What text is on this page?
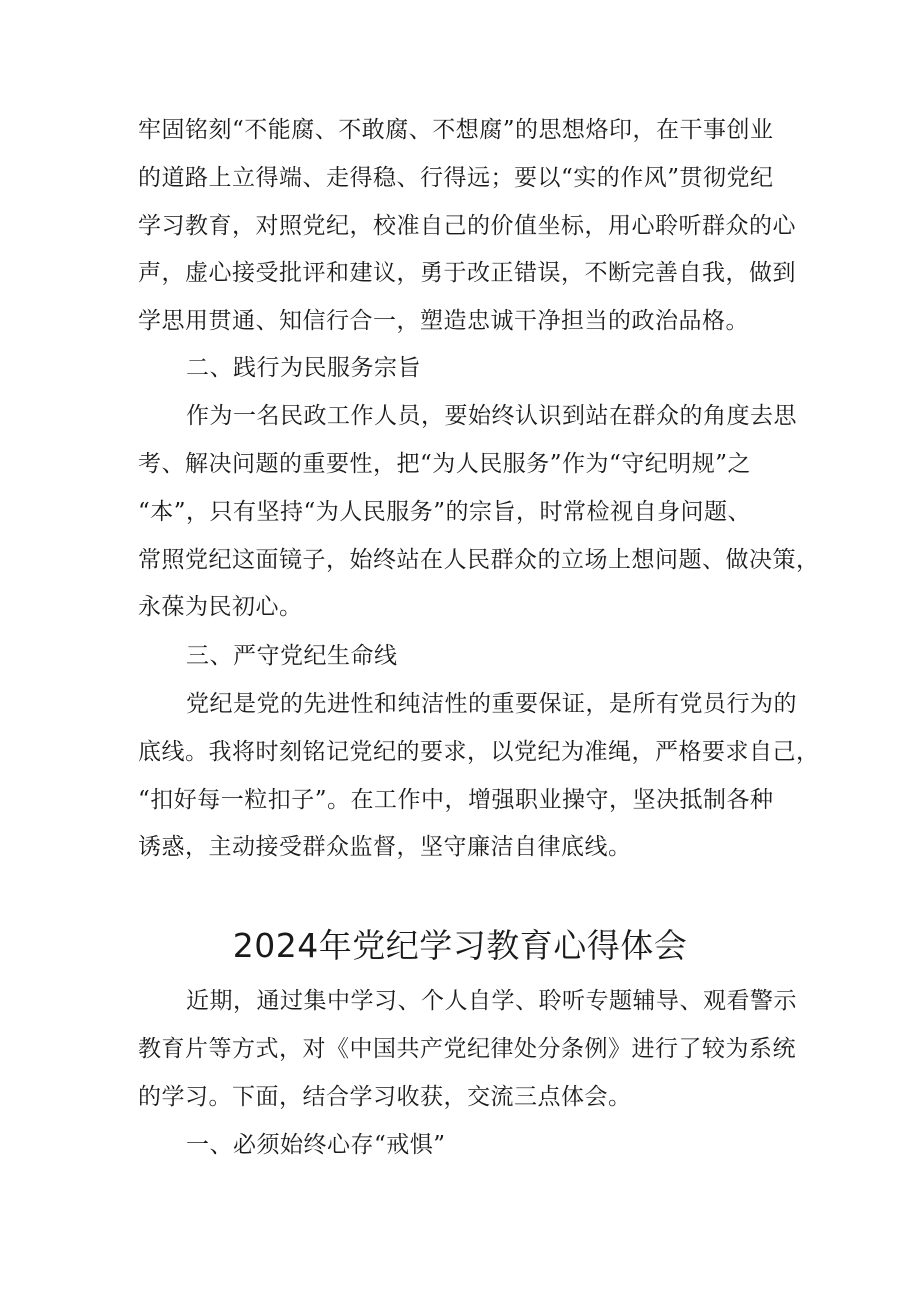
牢固铭刻“不能腐、不敢腐、不想腐”的思想烙印，在干事创业
的道路上立得端、走得稳、行得远；要以“实的作风”贯彻党纪
学习教育，对照党纪，校准自己的价值坐标，用心聆听群众的心
声，虚心接受批评和建议，勇于改正错误，不断完善自我，做到
学思用贯通、知信行合一，塑造忠诚干净担当的政治品格。
二、践行为民服务宗旨
作为一名民政工作人员，要始终认识到站在群众的角度去思
考、解决问题的重要性，把“为人民服务”作为“守纪明规”之
“本”，只有坚持“为人民服务”的宗旨，时常检视自身问题、
常照党纪这面镜子，始终站在人民群众的立场上想问题、做决策，
永葆为民初心。
三、严守党纪生命线
党纪是党的先进性和纯洁性的重要保证，是所有党员行为的
底线。我将时刻铭记党纪的要求，以党纪为准绳，严格要求自己，
“扣好每一粒扣子”。在工作中，增强职业操守，坚决抵制各种
诱惑，主动接受群众监督，坚守廉洁自律底线。
2024年党纪学习教育心得体会
近期，通过集中学习、个人自学、聆听专题辅导、观看警示
教育片等方式，对《中国共产党纪律处分条例》进行了较为系统
的学习。下面，结合学习收获，交流三点体会。
一、必须始终心存“戒惧”
